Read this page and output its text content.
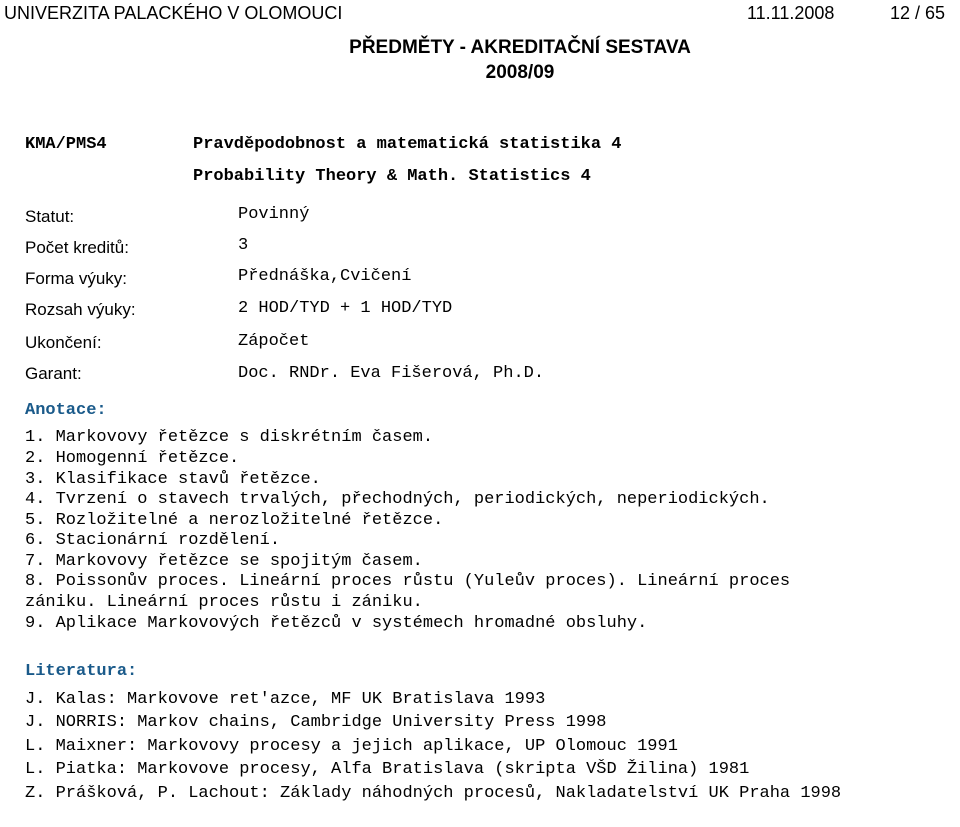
UNIVERZITA PALACKÉHO V OLOMOUCI	11.11.2008	12 / 65
PŘEDMĚTY - AKREDITAČNÍ SESTAVA
2008/09
KMA/PMS4	Pravděpodobnost a matematická statistika 4
Probability Theory & Math. Statistics 4
Statut:	Povinný
Počet kreditů:	3
Forma výuky:	Přednáška,Cvičení
Rozsah výuky:	2 HOD/TYD + 1 HOD/TYD
Ukončení:	Zápočet
Garant:	Doc. RNDr. Eva Fišerová, Ph.D.
Anotace:
1. Markovovy řetězce s diskrétním časem.
2. Homogenní řetězce.
3. Klasifikace stavů řetězce.
4. Tvrzení o stavech trvalých, přechodných, periodických, neperiodických.
5. Rozložitelné a nerozložitelné řetězce.
6. Stacionární rozdělení.
7. Markovovy řetězce se spojitým časem.
8. Poissonův proces. Lineární proces růstu (Yuleův proces). Lineární proces
zániku. Lineární proces růstu i zániku.
9. Aplikace Markovových řetězců v systémech hromadné obsluhy.
Literatura:
J. Kalas: Markovove ret'azce, MF UK Bratislava 1993
J. NORRIS: Markov chains, Cambridge University Press 1998
L. Maixner: Markovovy procesy a jejich aplikace, UP Olomouc 1991
L. Piatka: Markovove procesy, Alfa Bratislava (skripta VŠD Žilina) 1981
Z. Prášková, P. Lachout: Základy náhodných procesů, Nakladatelství UK Praha 1998
